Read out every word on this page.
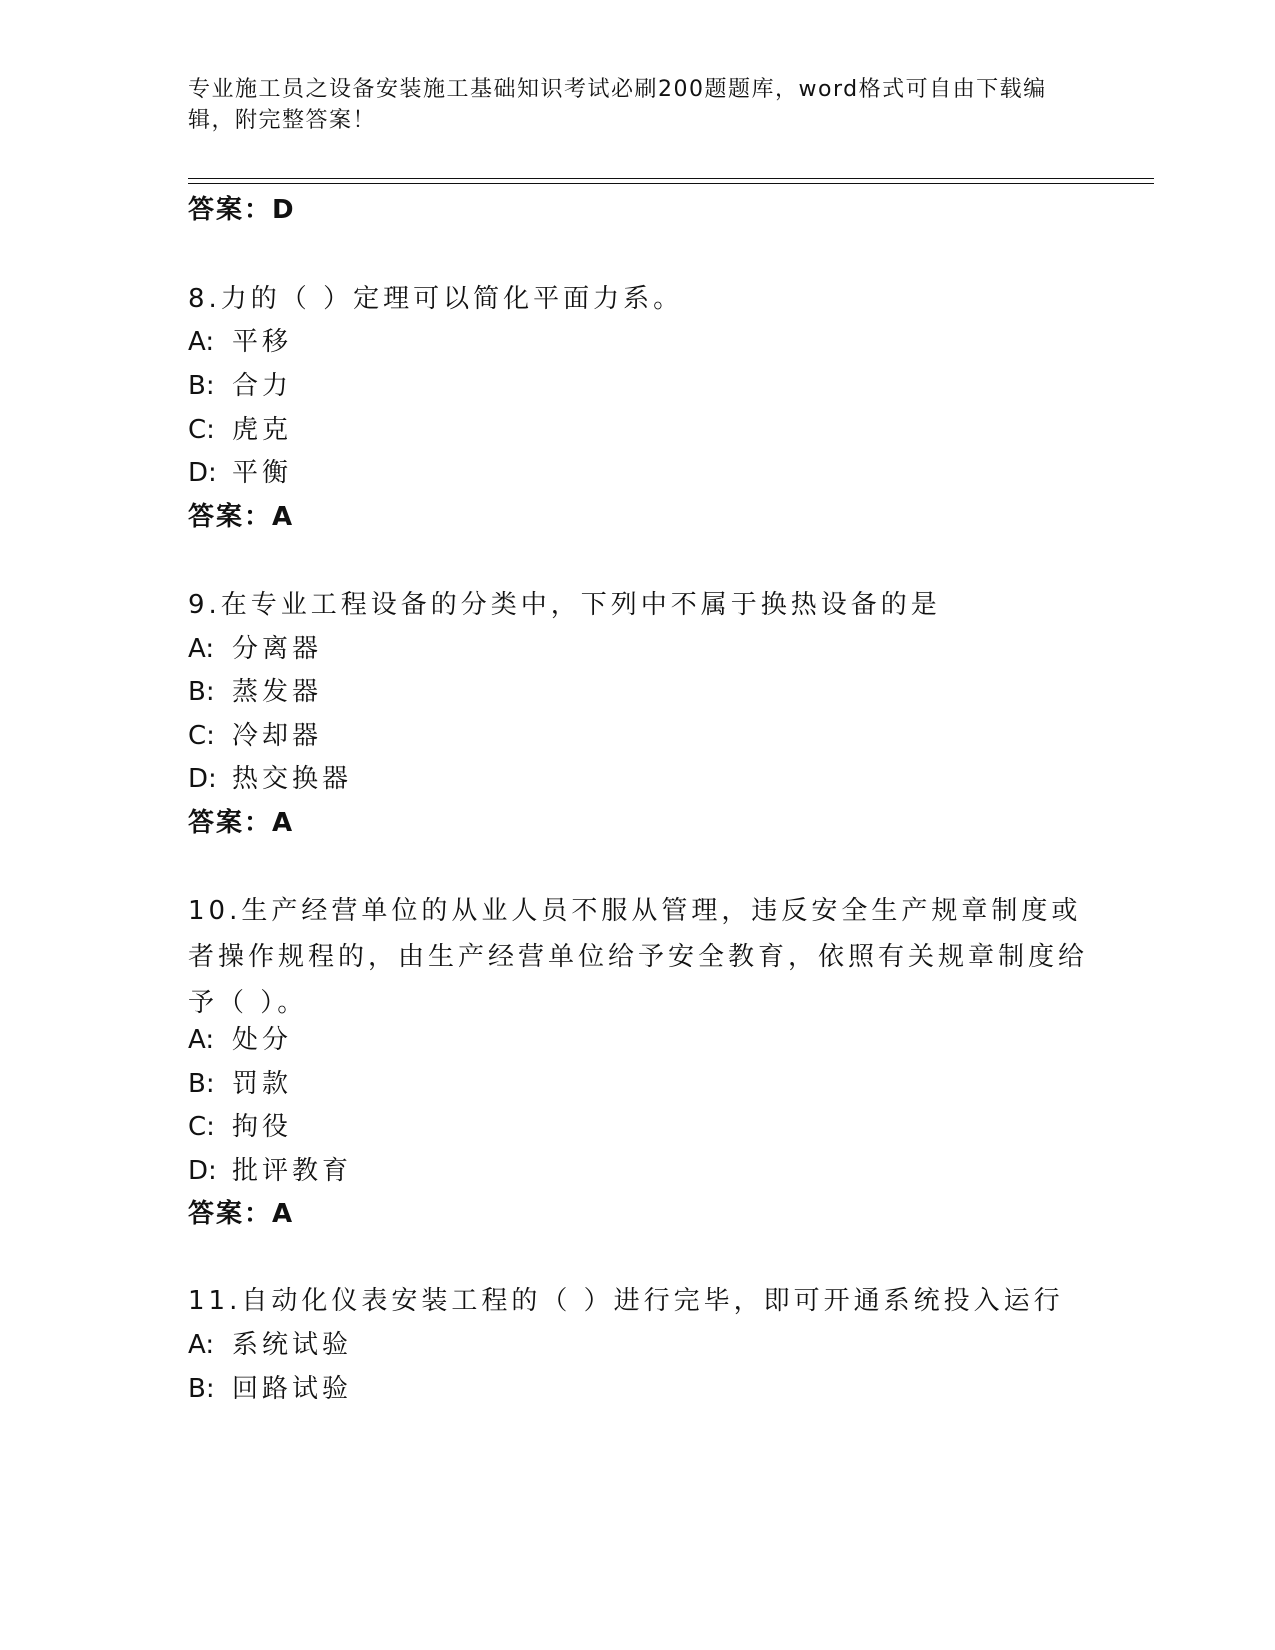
专业施工员之设备安装施工基础知识考试必刷200题题库，word格式可自由下载编辑，附完整答案！
答案：D
8.力的（ ）定理可以简化平面力系。
A: 平移
B: 合力
C: 虎克
D: 平衡
答案：A
9.在专业工程设备的分类中，下列中不属于换热设备的是
A: 分离器
B: 蒸发器
C: 冷却器
D: 热交换器
答案：A
10.生产经营单位的从业人员不服从管理，违反安全生产规章制度或者操作规程的，由生产经营单位给予安全教育，依照有关规章制度给予（ ）。
A: 处分
B: 罚款
C: 拘役
D: 批评教育
答案：A
11.自动化仪表安装工程的（ ）进行完毕，即可开通系统投入运行
A: 系统试验
B: 回路试验
